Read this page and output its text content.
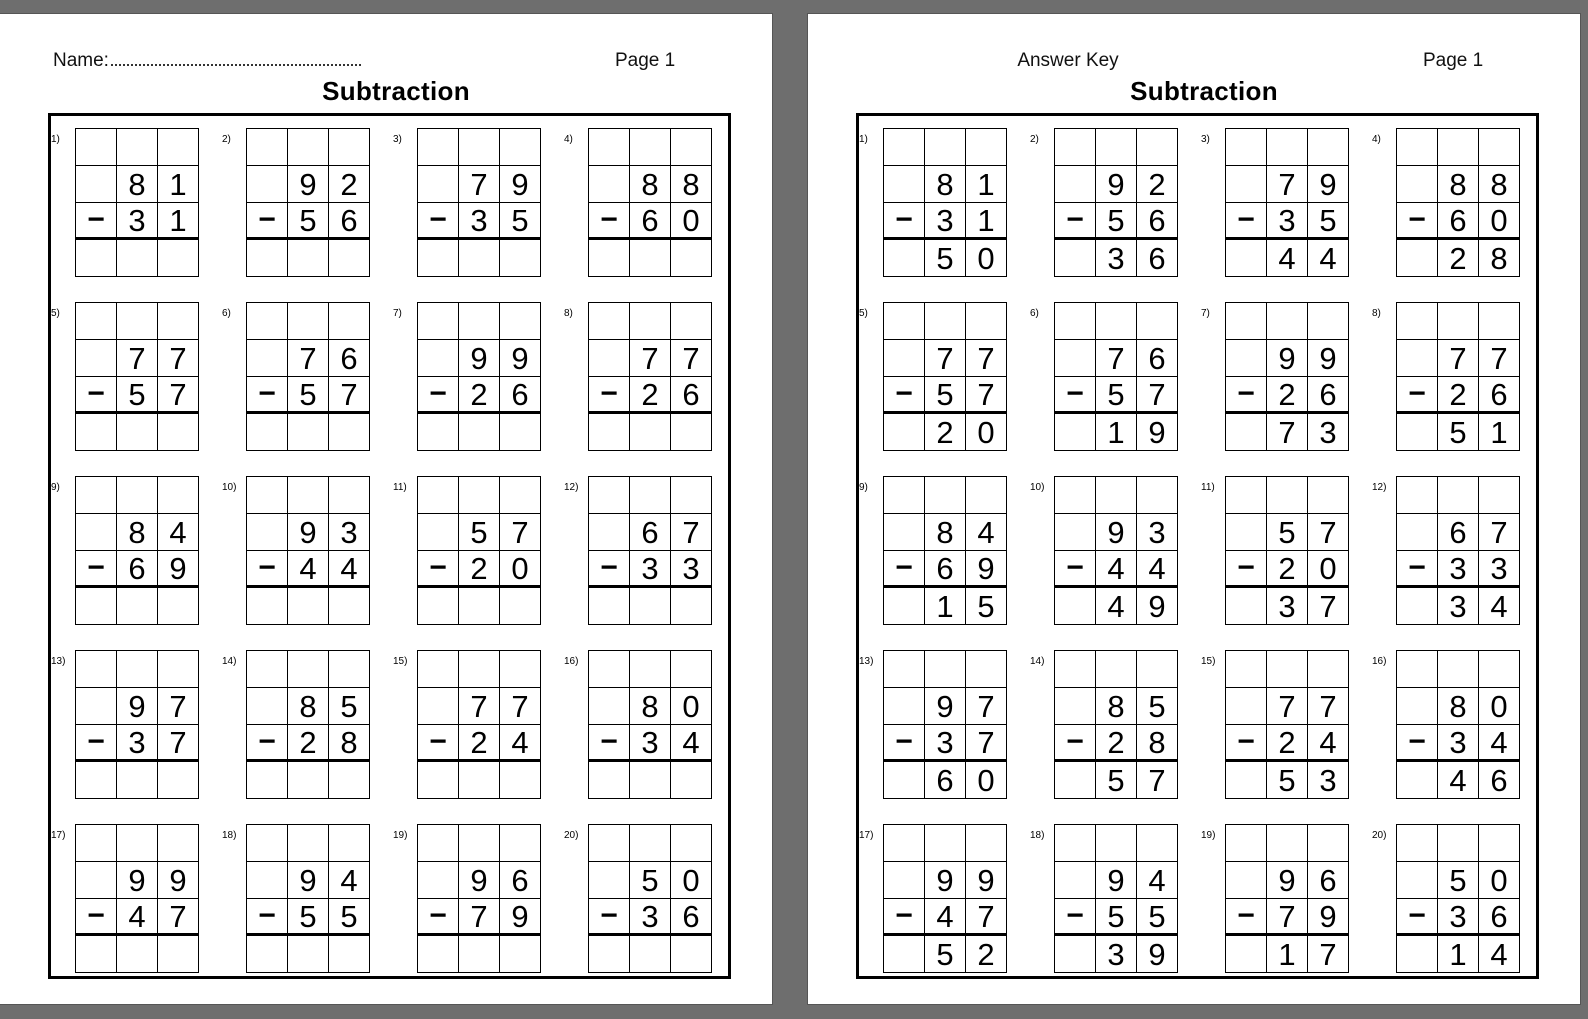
Name:	Page 1
Subtraction
1)
8 1
− 3 1
2)
9 2
− 5 6
3)
7 9
− 3 5
4)
8 8
− 6 0
5)
7 7
− 5 7
6)
7 6
− 5 7
7)
9 9
− 2 6
8)
7 7
− 2 6
9)
8 4
− 6 9
10)
9 3
− 4 4
11)
5 7
− 2 0
12)
6 7
− 3 3
13)
9 7
− 3 7
14)
8 5
− 2 8
15)
7 7
− 2 4
16)
8 0
− 3 4
17)
9 9
− 4 7
18)
9 4
− 5 5
19)
9 6
− 7 9
20)
5 0
− 3 6
Answer Key	Page 1
Subtraction
1)
8 1
− 3 1
5 0
2)
9 2
− 5 6
3 6
3)
7 9
− 3 5
4 4
4)
8 8
− 6 0
2 8
5)
7 7
− 5 7
2 0
6)
7 6
− 5 7
1 9
7)
9 9
− 2 6
7 3
8)
7 7
− 2 6
5 1
9)
8 4
− 6 9
1 5
10)
9 3
− 4 4
4 9
11)
5 7
− 2 0
3 7
12)
6 7
− 3 3
3 4
13)
9 7
− 3 7
6 0
14)
8 5
− 2 8
5 7
15)
7 7
− 2 4
5 3
16)
8 0
− 3 4
4 6
17)
9 9
− 4 7
5 2
18)
9 4
− 5 5
3 9
19)
9 6
− 7 9
1 7
20)
5 0
− 3 6
1 4
